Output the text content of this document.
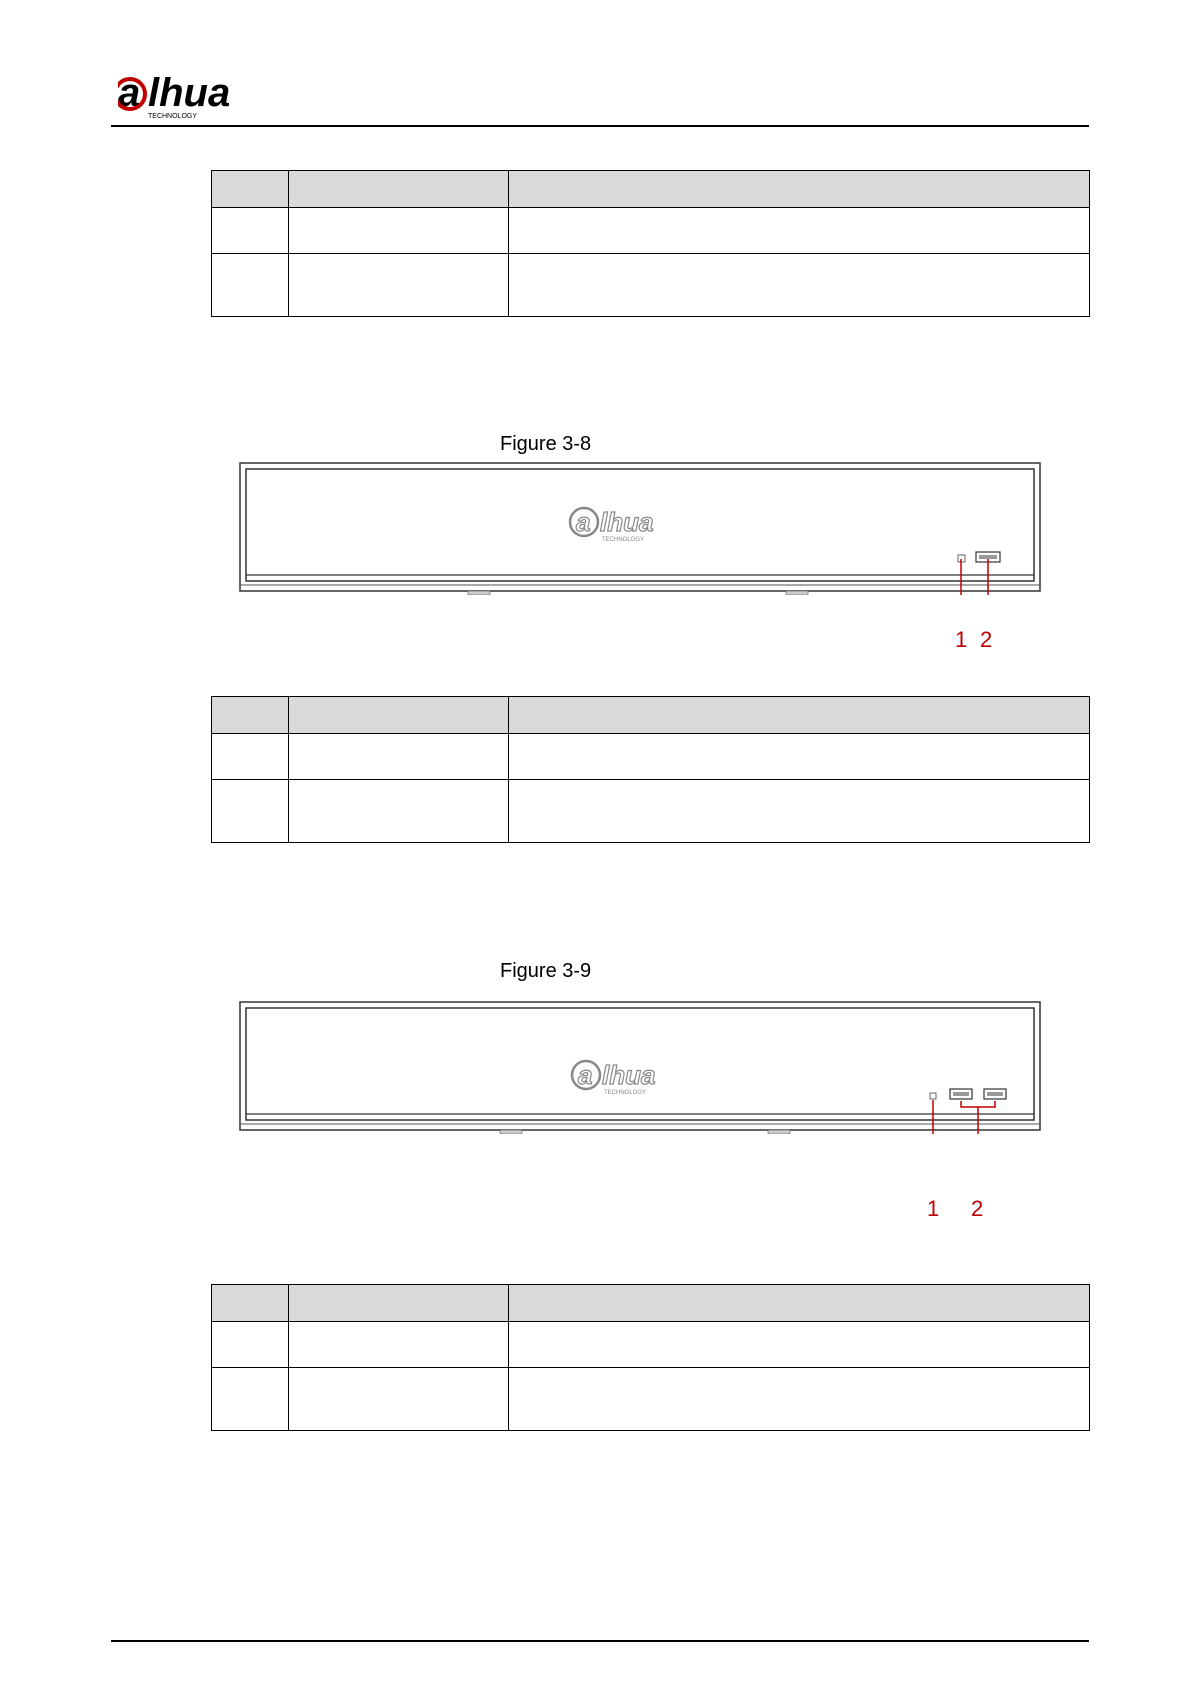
a lhua
TECHNOLOGY

Figure 3-8
a lhua
TECHNOLOGY
1 2

Figure 3-9
a lhua
TECHNOLOGY
1 2
